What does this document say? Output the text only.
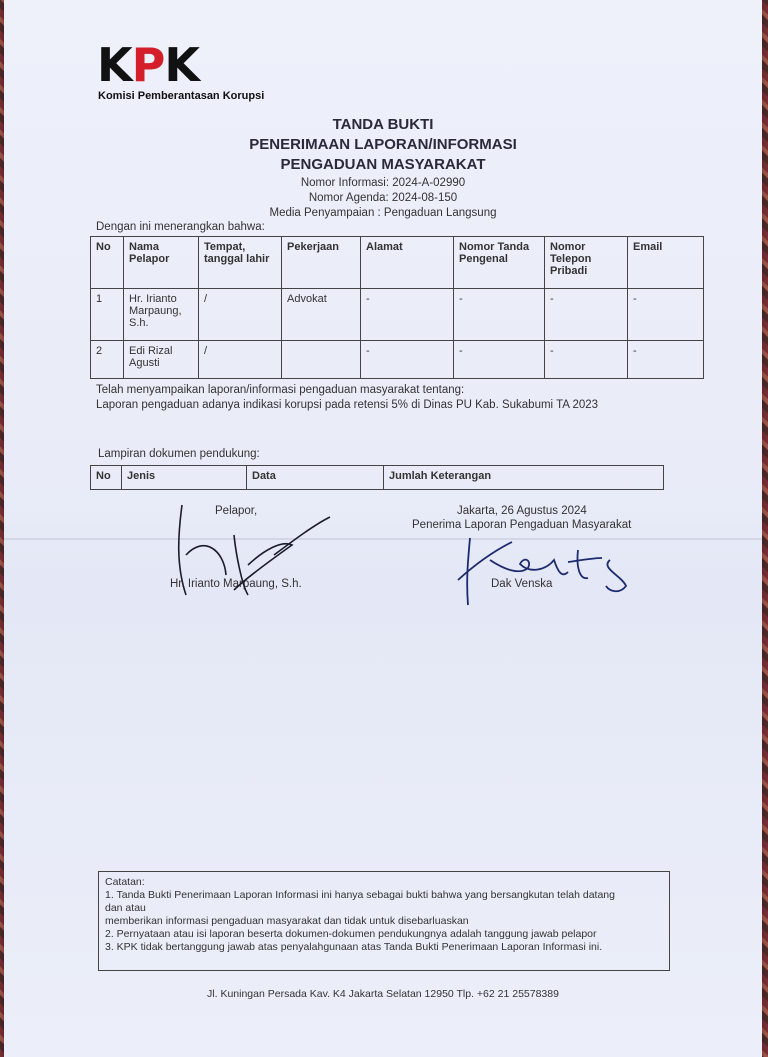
KPK
Komisi Pemberantasan Korupsi
TANDA BUKTI
PENERIMAAN LAPORAN/INFORMASI
PENGADUAN MASYARAKAT
Nomor Informasi: 2024-A-02990
Nomor Agenda: 2024-08-150
Media Penyampaian : Pengaduan Langsung
Dengan ini menerangkan bahwa:
No	Nama Pelapor	Tempat, tanggal lahir	Pekerjaan	Alamat	Nomor Tanda Pengenal	Nomor Telepon Pribadi	Email
1	Hr. Irianto Marpaung, S.h.	/	Advokat	-	-	-	-
2	Edi Rizal Agusti	/		-	-	-	-
Telah menyampaikan laporan/informasi pengaduan masyarakat tentang:
Laporan pengaduan adanya indikasi korupsi pada retensi 5% di Dinas PU Kab. Sukabumi TA 2023
Lampiran dokumen pendukung:
No	Jenis	Data	Jumlah Keterangan
Pelapor,
Hr. Irianto Marpaung, S.h.
Jakarta, 26 Agustus 2024
Penerima Laporan Pengaduan Masyarakat
Dak Venska
Catatan:
1. Tanda Bukti Penerimaan Laporan Informasi ini hanya sebagai bukti bahwa yang bersangkutan telah datang
dan atau
memberikan informasi pengaduan masyarakat dan tidak untuk disebarluaskan
2. Pernyataan atau isi laporan beserta dokumen-dokumen pendukungnya adalah tanggung jawab pelapor
3. KPK tidak bertanggung jawab atas penyalahgunaan atas Tanda Bukti Penerimaan Laporan Informasi ini.
Jl. Kuningan Persada Kav. K4 Jakarta Selatan 12950 Tlp. +62 21 25578389
